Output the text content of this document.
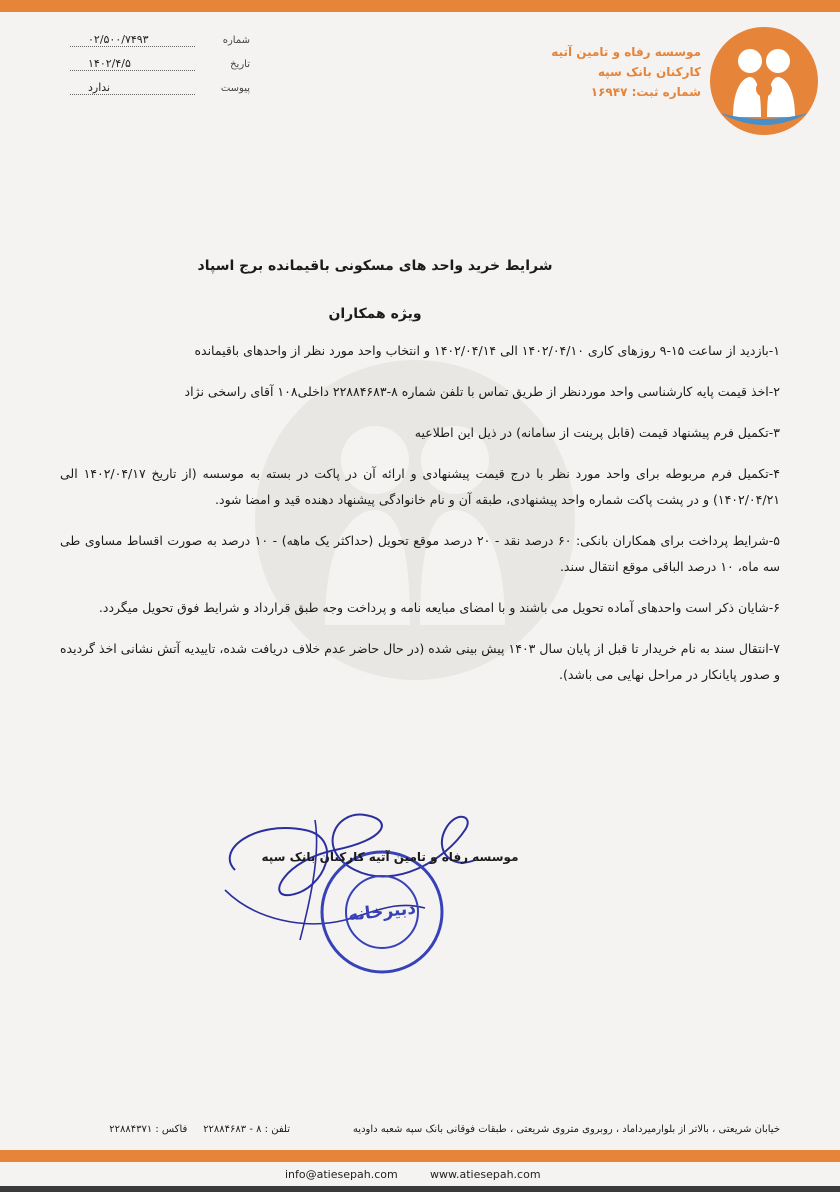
موسسه رفاه و تامین آتیه
کارکنان بانک سپه
شماره ثبت: ۱۶۹۴۷
شماره
۰۲/۵۰۰/۷۴۹۳
تاریخ
۱۴۰۲/۴/۵
پیوست
ندارد
شرایط خرید واحد های مسکونی باقیمانده برج اسپاد
ویژه همکاران

۱-بازدید از ساعت ۱۵-۹ روزهای کاری ۱۴۰۲/۰۴/۱۰ الی ۱۴۰۲/۰۴/۱۴ و انتخاب واحد مورد نظر از واحدهای باقیمانده

۲-اخذ قیمت پایه کارشناسی واحد موردنظر از طریق تماس با تلفن شماره ۸-۲۲۸۸۴۶۸۳ داخلی۱۰۸ آقای راسخی نژاد

۳-تکمیل فرم پیشنهاد قیمت (قابل پرینت از سامانه) در ذیل این اطلاعیه

۴-تکمیل فرم مربوطه برای واحد مورد نظر با درج قیمت پیشنهادی و ارائه آن در پاکت در بسته به موسسه (از تاریخ ۱۴۰۲/۰۴/۱۷ الی ۱۴۰۲/۰۴/۲۱) و در پشت پاکت شماره واحد پیشنهادی، طبقه آن و نام خانوادگی پیشنهاد دهنده قید و امضا شود.

۵-شرایط پرداخت برای همکاران بانکی: ۶۰ درصد نقد - ۲۰ درصد موقع تحویل (حداکثر یک ماهه) - ۱۰ درصد به صورت اقساط مساوی طی سه ماه، ۱۰ درصد الباقی موقع انتقال سند.

۶-شایان ذکر است واحدهای آماده تحویل می باشند و با امضای مبایعه نامه و پرداخت وجه طبق قرارداد و شرایط فوق تحویل میگردد.

۷-انتقال سند به نام خریدار تا قبل از پایان سال ۱۴۰۳ پیش بینی شده (در حال حاضر عدم خلاف دریافت شده، تاییدیه آتش نشانی اخذ گردیده و صدور پایانکار در مراحل نهایی می باشد).

دبیرخانه
موسسه رفاه و تامین آتیه کارکنان بانک سپه
خیابان شریعتی ، بالاتر از بلوارمیرداماد ، روبروی متروی شریعتی ، طبقات فوقانی بانک سپه شعبه داودیه
تلفن : ۸ - ۲۲۸۸۴۶۸۳     فاکس : ۲۲۸۸۴۳۷۱
www.atiesepah.com
info@atiesepah.com
